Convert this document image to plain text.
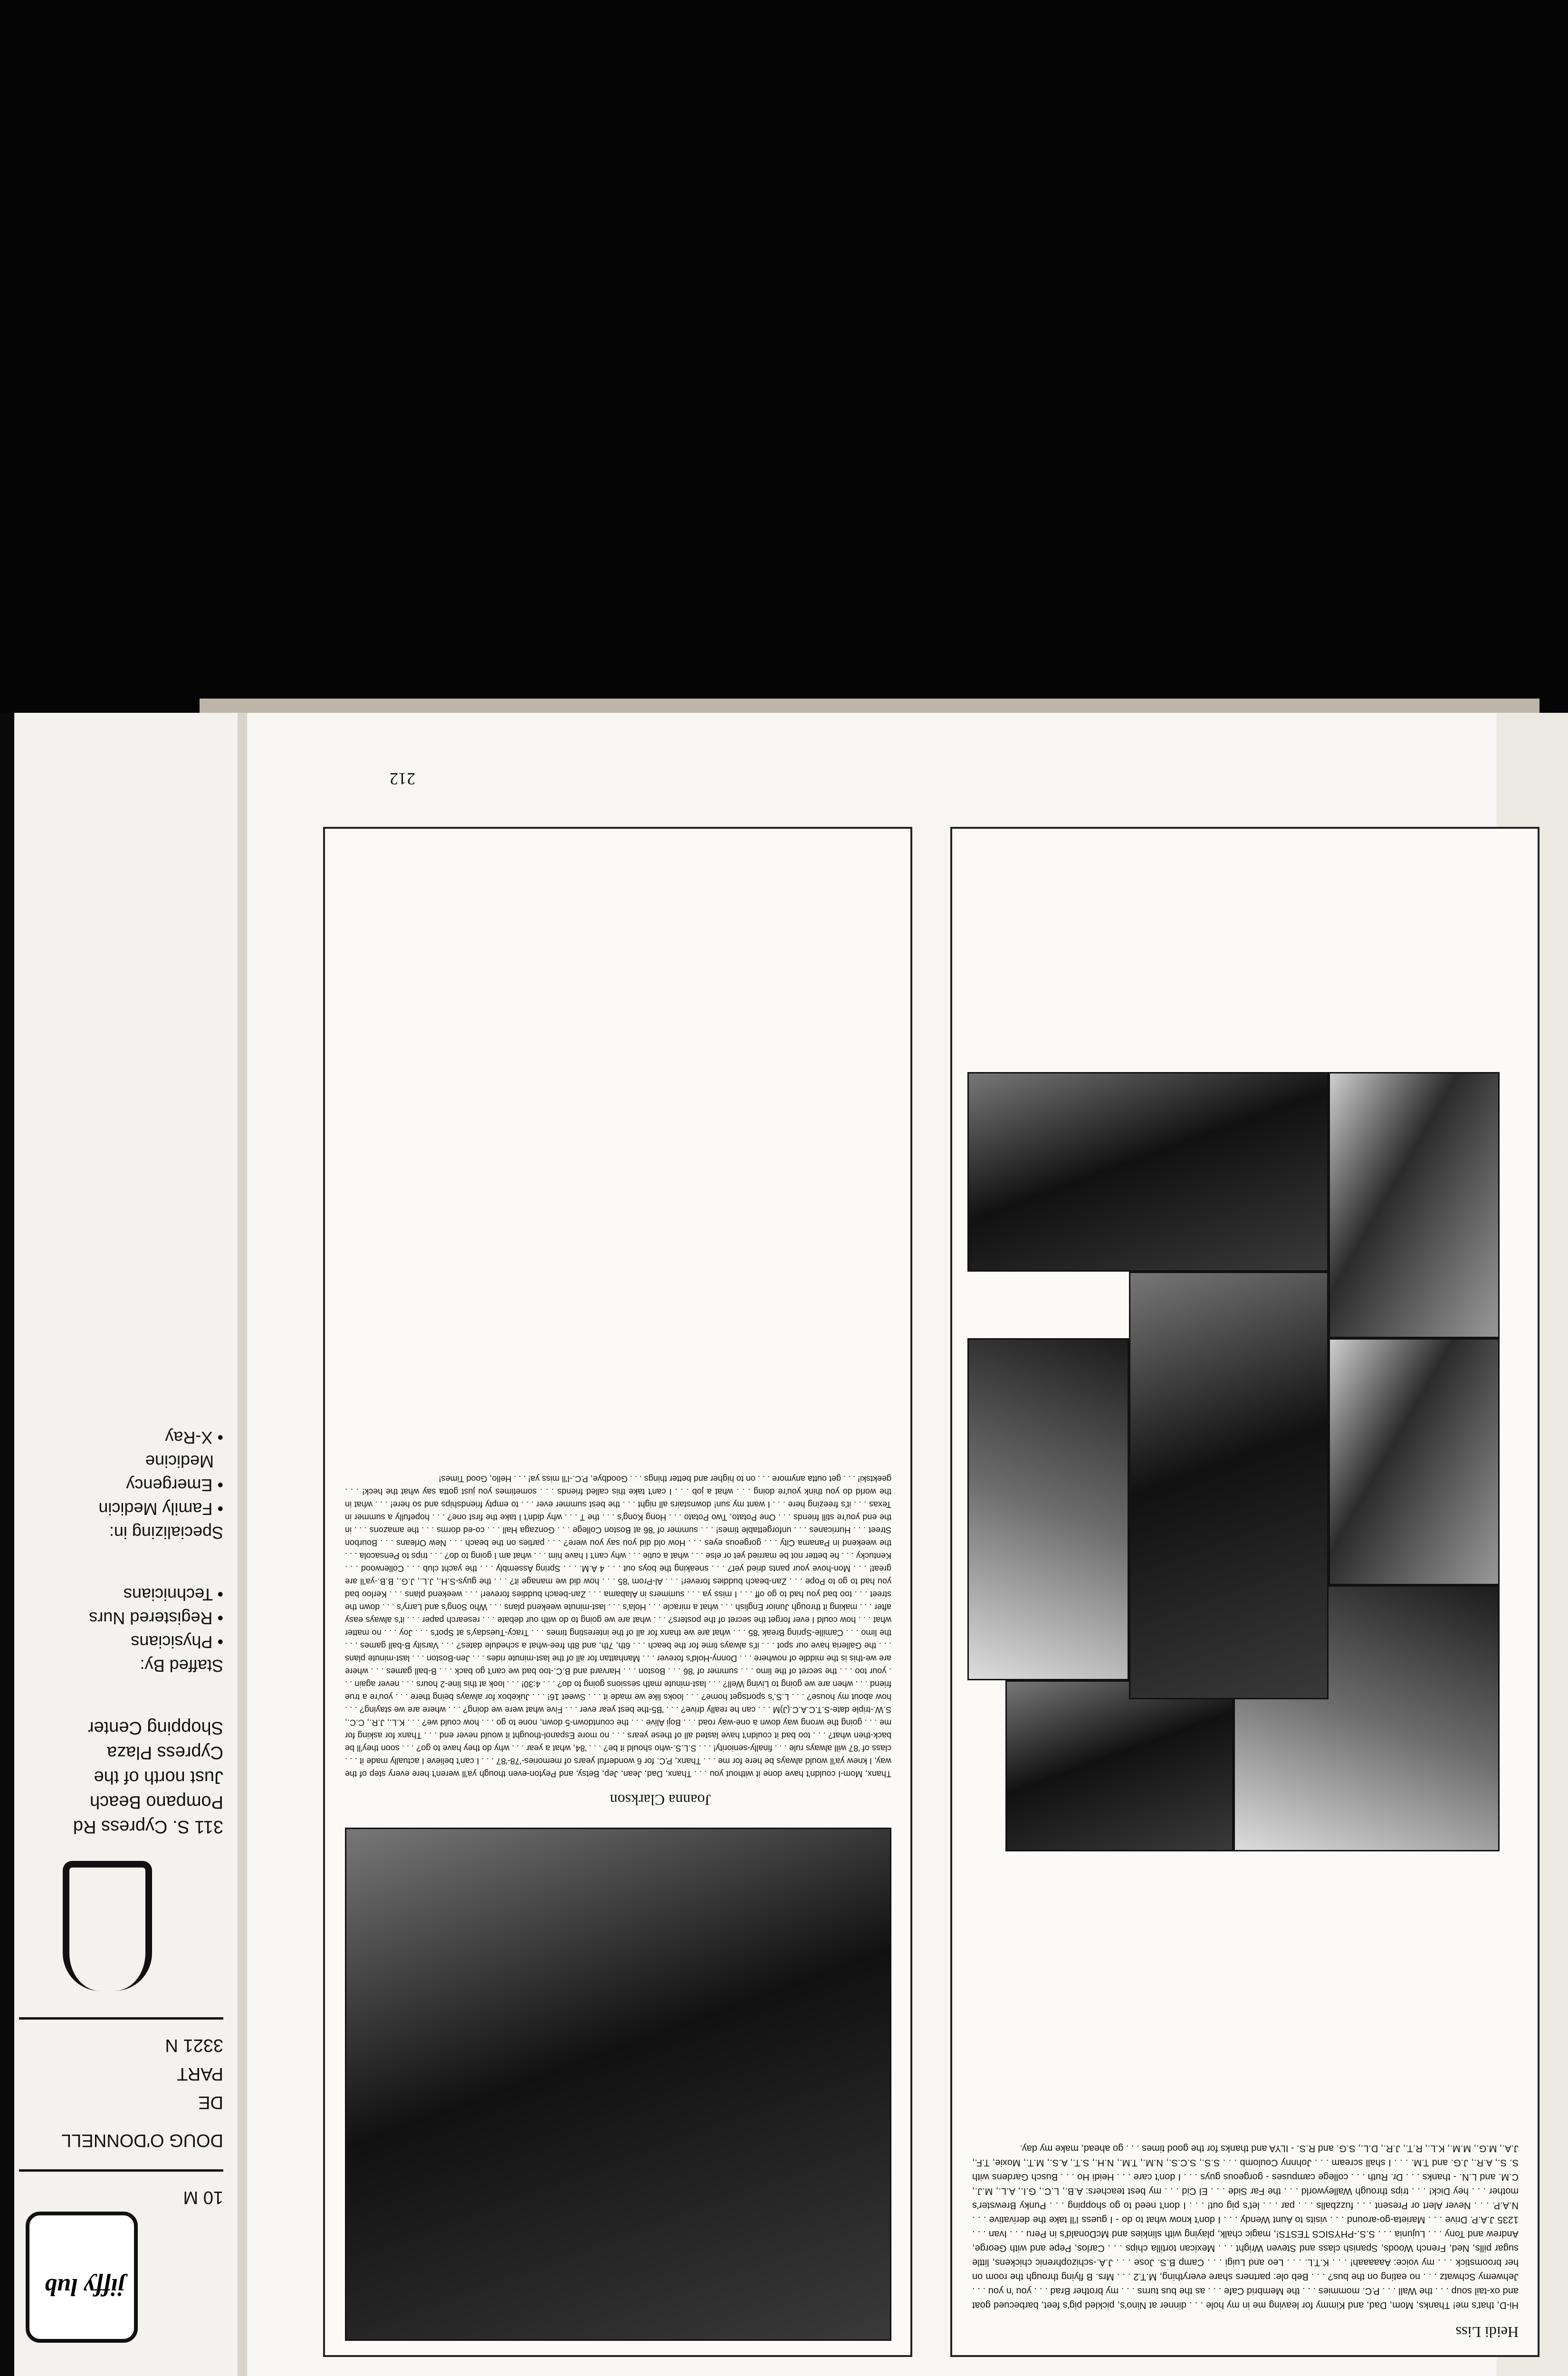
jiffy lub
10 M
DOUG O'DONNELL
DE
PART
3321 N
311 S. Cypress Rd
Pompano Beach
Just north of the
Cypress Plaza
Shopping Center
Staffed By:
• Physicians
• Registered Nurs
• Technicians
Specializing in:
• Family Medicin
• Emergency
Medicine
• X-Ray
Heidi Liss
Hi-D, that's me! Thanks, Mom, Dad, and Kimmy for leaving me in my hole . . . dinner at Nino's, pickled pig's feet, barbecued goat and ox-tail soup . . . the Wall . . . P.C. mommies . . . the Membrid Cafe . . . as the bus turns . . . my brother Brad . . . you 'n you . . . Jehwemy Schwatz . . . no eating on the bus? . . . Beb ole: partners share everything, M.T.2 . . . Mrs. B flying through the room on her broomstick . . . my voice: Aaaaaah! . . . K.T.L. . . . Leo and Luigi . . . Camp B.S. Jose . . . J.A.-schizophrenic chickens, little sugar pills, Ned, French Woods, Spanish class and Steven Wright . . . Mexican tortilla chips . . . Carlos, Pepe and with George, Andrew and Tony . . . Lujunia . . . S.S.-PHYSICS TESTS!, magic chalk, playing with slinkies and McDonald's in Peru . . . Ivan . . . 1235 J.A.P. Drive . . . Marieta-go-around . . . visits to Aunt Wendy . . . I don't know what to do - I guess I'll take the derivative . . . N.A.P. . . . Never Alert or Present . . . fuzzballs . . . par . . . let's pig out! . . . I don't need to go shopping . . . Punky Brewster's mother . . . hey Dick! . . . trips through Walleyworld . . . the Far Side . . . El Cid . . . my best teachers: A.B., L.C., G.I., A.L., M.J., C.M. and L.N. - thanks . . . Dr. Ruth . . . college campuses - gorgeous guys . . . I don't care . . . Heidi Ho . . . Busch Gardens with S. S., A.R., J.G. and T.M. . . . I shall scream . . . Johnny Coulomb . . . S.S., S.C.S., N.M., T.M., N.H., S.T., A.S., M.T., Moxie, T.F., J.A., M.G., M.M., K.L., R.T., J.R., D.L., S.G. and R.S. - ILYA and thanks for the good times . . . go ahead, make my day.
Joanna Clarkson
Thanx, Mom-I couldn't have done it without you . . . Thanx, Dad, Jean, Jep, Betsy, and Peyton-even though ya'll weren't here every step of the way, I knew ya'll would always be here for me . . . Thanx, P.C. for 6 wonderful years of memories-'78-'87 . . . I can't believe I actually made it . . . class of '87 will always rule . . . finally-seniority! . . . S.L.S.-who should it be? . . . '84, what a year . . . why do they have to go? . . . soon they'll be back-then what? . . . too bad it couldn't have lasted all of these years . . . no more Espanol-thought it would never end . . . Thanx for asking for me . . . going the wrong way down a one-way road . . . Boji Alive . . . the countdown-5 down, none to go . . . how could we? . . . K.L., J.R., C.C., S.W.-triple date-S.T.C.A.C.(J)M . . . can he really drive? . . . 'B5-the best year ever . . . Five what were we doing? . . . where are we staying? . . . how about my house? . . . L.S.'s sportsget home? . . . looks like we made it . . . Sweet 16! . . . Jukebox for always being there . . . you're a true friend . . . when are we going to Living Well? . . . last-minute math sessions going to do? . . . 4:30! . . . look at this line-2 hours . . . never again . . . your too . . . the secret of the limo . . . summer of '86 . . . Boston . . . Harvard and B.C.-too bad we can't go back . . . B-ball games . . . where are we-this is the middle of nowhere . . . Donny-Hold's forever . . . Manhattan for all of the last-minute rides . . . Jen-Boston . . . last-minute plans . . . the Galleria have our spot . . . it's always time for the beach . . . 6th, 7th, and 8th free-what a schedule dates? . . . Varsity B-ball games . . . the limo . . . Camille-Spring Break '85 . . . what are we thanx for all of the interesting times . . . Tracy-Tuesday's at Spot's . . . Joy . . . no matter what . . . how could I ever forget the secret of the posters? . . . what are we going to do with our debate . . . research paper . . . it's always easy after . . . making it through Junior English . . . what a miracle . . . Hola's . . . last-minute weekend plans . . . Who Song's and Larry's . . . down the street . . . too bad you had to go off . . . I miss ya . . . summers in Alabama . . . Zan-beach buddies forever! . . . weekend plans . . . Kerloo bad you had to go to Pope . . . Zan-beach buddies forever! . . . Al-Prom '85 . . . how did we manage it? . . . the guys-S.H., J.L., J.G., B.B.-ya'll are great! . . . Mon-hove your pants dried yet? . . . sneaking the boys out . . . 4 A.M. . . . Spring Assembly . . . the yacht club . . . Collerwood . . . Kentucky . . . he better not be married yet or else . . . what a cutie . . . why can't I have him . . . what am I going to do? . . . trips to Pensacola . . . the weekend in Panama City . . . gorgeous eyes . . . How old did you say you were? . . . parties on the beach . . . New Orleans . . . Bourbon Street . . . Hurricanes . . . unforgettable times! . . . summer of '86 at Boston College . . . Gonzaga Hall . . . co-ed dorms . . . the amazons . . . in the end you're still friends . . . One Potato, Two Potato . . . Hong Kong's . . . the T . . . why didn't I take the first one? . . . hopefully a summer in Texas . . . it's freezing here . . . I want my sun! downstairs all night . . . the best summer ever . . . to empty friendships and so here! . . . what in the world do you think you're doing . . . what a job . . . I can't take this called friends . . . sometimes you just gotta say what the heck! . . . geektski! . . . get outta anymore . . . on to higher and better things . . . Goodbye, P.C.-I'll miss ya! . . . Hello, Good Times!
212
